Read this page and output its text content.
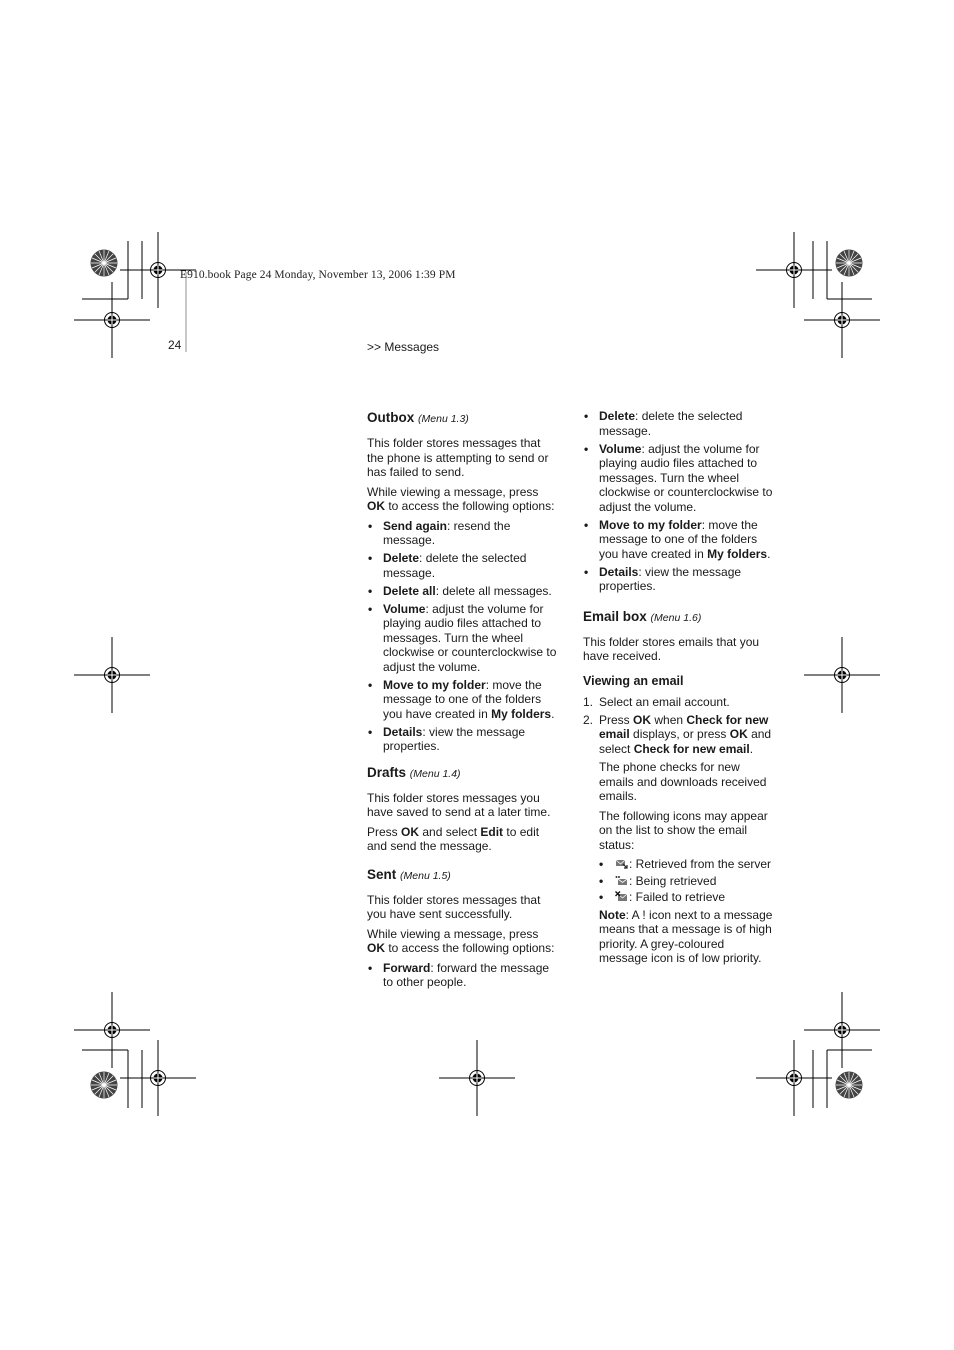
E910.book Page 24 Monday, November 13, 2006 1:39 PM
24	>> Messages
Outbox (Menu 1.3)

This folder stores messages that the phone is attempting to send or has failed to send.

While viewing a message, press OK to access the following options:

• Send again: resend the message.
• Delete: delete the selected message.
• Delete all: delete all messages.
• Volume: adjust the volume for playing audio files attached to messages. Turn the wheel clockwise or counterclockwise to adjust the volume.
• Move to my folder: move the message to one of the folders you have created in My folders.
• Details: view the message properties.
Drafts (Menu 1.4)

This folder stores messages you have saved to send at a later time.

Press OK and select Edit to edit and send the message.

Sent (Menu 1.5)

This folder stores messages that you have sent successfully.

While viewing a message, press OK to access the following options:

• Forward: forward the message to other people.
• Delete: delete the selected message.
• Volume: adjust the volume for playing audio files attached to messages. Turn the wheel clockwise or counterclockwise to adjust the volume.
• Move to my folder: move the message to one of the folders you have created in My folders.
• Details: view the message properties.
Email box (Menu 1.6)

This folder stores emails that you have received.

Viewing an email
1. Select an email account.
2. Press OK when Check for new email displays, or press OK and select Check for new email.

The phone checks for new emails and downloads received emails.

The following icons may appear on the list to show the email status:

• : Retrieved from the server
• : Being retrieved
• : Failed to retrieve

Note: A ! icon next to a message means that a message is of high priority. A grey-coloured message icon is of low priority.
